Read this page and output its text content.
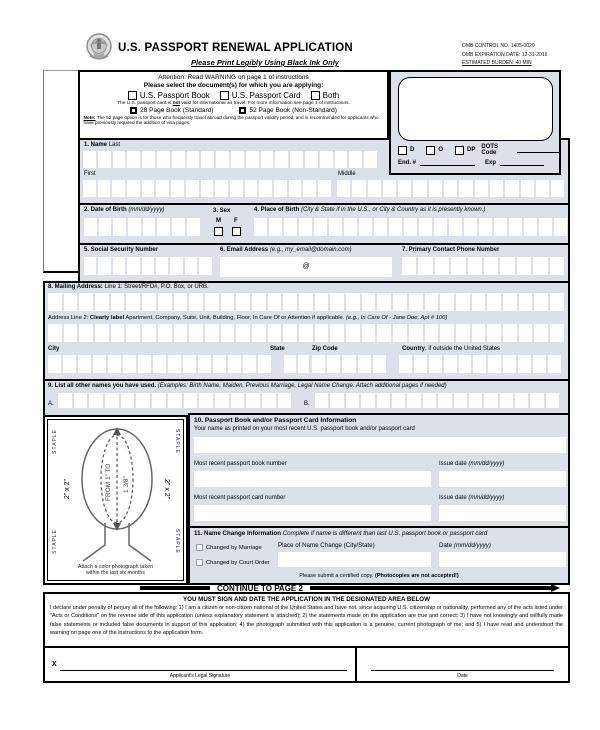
U.S. PASSPORT RENEWAL APPLICATION
Please Print Legibly Using Black Ink Only
OMB CONTROL NO. 1405-0020
OMB EXPIRATION DATE: 12-31-2016
ESTIMATED BURDEN: 40 MIN
1. Name Last
First	Middle
2. Date of Birth (mm/dd/yyyy)	3. Sex
M F
4. Place of Birth (City & State if in the U.S., or City & Country as it is presently known.)
5. Social Security Number	6. Email Address (e.g., my_email@domain.com)
@
7. Primary Contact Phone Number
8. Mailing Address: Line 1: Street/RFD#, P.O. Box, or URB.
Address Line 2: Clearly label Apartment, Company, Suite, Unit, Building, Floor, In Care Of or Attention if applicable. (e.g., In Care Of - Jane Doe, Apt # 100)
City	State	Zip Code	Country, if outside the United States
9. List all other names you have used. (Examples: Birth Name, Maiden, Previous Marriage, Legal Name Change. Attach additional pages if needed)
A.	B.
Attention: Read WARNING on page 1 of instructions
Please select the document(s) for which you are applying:
U.S. Passport Book	U.S. Passport Card	Both
The U.S. passport card is not valid for international air travel. For more information see page 1 of instructions.
28 Page Book (Standard)	52 Page Book (Non-Standard)
Note: The 52 page option is for those who frequently travel abroad during the passport validity period, and is recommended for applicants who have previously required the addition of visa pages.
D	O	DP DOTS Code
End. #	Exp
STAPLE	STAPLE
STAPLE	STAPLE
2" x 2"	2" x 2"
FROM 1" TO 1 3/8"
Attach a color photograph taken
within the last six months
10. Passport Book and/or Passport Card Information
Your name as printed on your most recent U.S. passport book and/or passport card
Most recent passport book number	Issue date (mm/dd/yyyy)
Most recent passport card number	Issue date (mm/dd/yyyy)
11. Name Change Information Complete if name is different than last U.S. passport book or passport card
Changed by Marriage
Changed by Court Order
Place of Name Change (City/State)	Date (mm/dd/yyyy)
Please submit a certified copy. (Photocopies are not accepted!)
CONTINUE TO PAGE 2
YOU MUST SIGN AND DATE THE APPLICATION IN THE DESIGNATED AREA BELOW
I declare under penalty of perjury all of the following: 1) I am a citizen or non-citizen national of the United States and have not, since acquiring U.S. citizenship or nationality, performed any of the acts listed under "Acts or Conditions" on the reverse side of this application (unless explanatory statement is attached); 2) the statements made on the application are true and correct; 3) I have not knowingly and willfully made false statements or included false documents in support of this application; 4) the photograph submitted with this application is a genuine, current photograph of me; and 5) I have read and understood the warning on page one of the instructions to the application form.
X
Applicant's Legal Signature	Date
